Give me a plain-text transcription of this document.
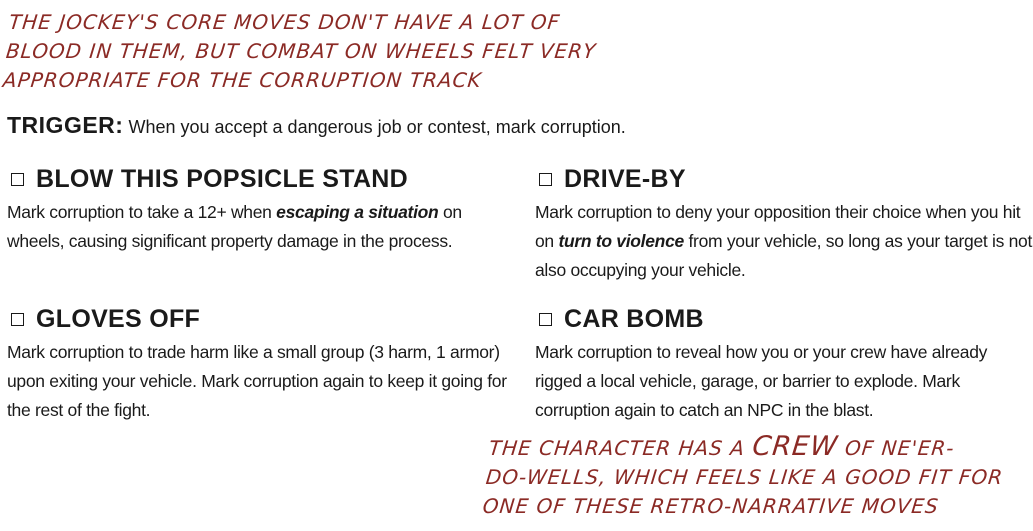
THE JOCKEY'S CORE MOVES DON'T HAVE A LOT OF
BLOOD IN THEM, BUT COMBAT ON WHEELS FELT VERY
APPROPRIATE FOR THE CORRUPTION TRACK
TRIGGER: When you accept a dangerous job or contest, mark corruption.
BLOW THIS POPSICLE STAND
Mark corruption to take a 12+ when escaping a situation on wheels, causing significant property damage in the process.
DRIVE-BY
Mark corruption to deny your opposition their choice when you hit on turn to violence from your vehicle, so long as your target is not also occupying your vehicle.
GLOVES OFF
Mark corruption to trade harm like a small group (3 harm, 1 armor) upon exiting your vehicle. Mark corruption again to keep it going for the rest of the fight.
CAR BOMB
Mark corruption to reveal how you or your crew have already rigged a local vehicle, garage, or barrier to explode. Mark corruption again to catch an NPC in the blast.
THE CHARACTER HAS A CREW OF NE'ER-
DO-WELLS, WHICH FEELS LIKE A GOOD FIT FOR
ONE OF THESE RETRO-NARRATIVE MOVES
